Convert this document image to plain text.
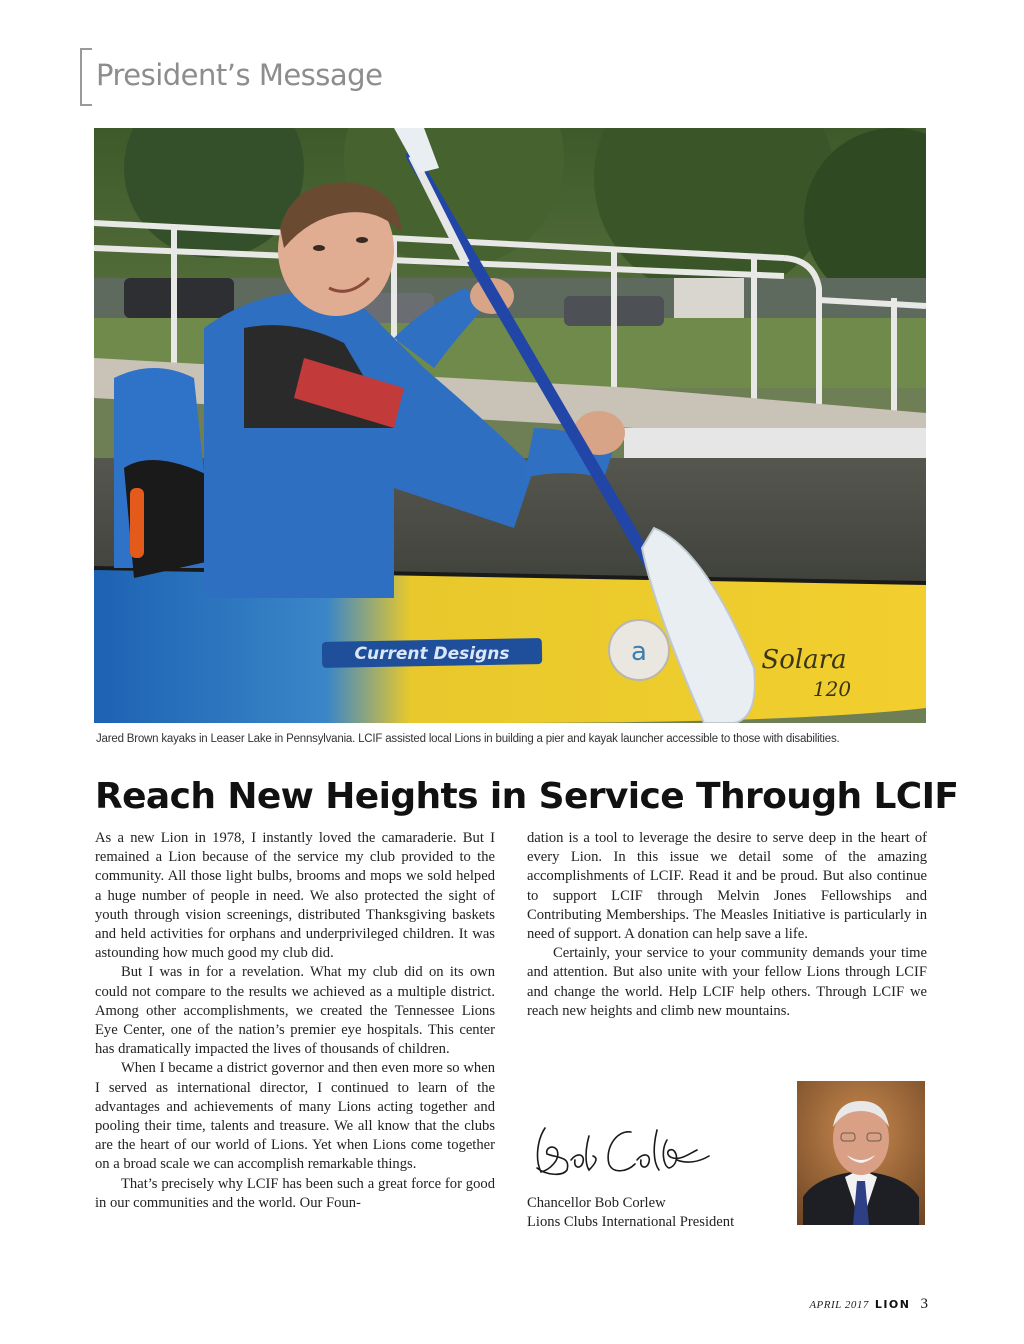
President’s Message
Current Designs	a	Solara
120
Jared Brown kayaks in Leaser Lake in Pennsylvania. LCIF assisted local Lions in building a pier and kayak launcher accessible to those with disabilities.
Reach New Heights in Service Through LCIF

As a new Lion in 1978, I instantly loved the camaraderie. But I remained a Lion because of the service my club provided to the community. All those light bulbs, brooms and mops we sold helped a huge number of people in need. We also protected the sight of youth through vision screenings, distributed Thanksgiving baskets and held activities for orphans and underprivileged children. It was astounding how much good my club did.

But I was in for a revelation. What my club did on its own could not compare to the results we achieved as a multiple district. Among other accomplishments, we created the Tennessee Lions Eye Center, one of the nation’s premier eye hospitals. This center has dramatically impacted the lives of thousands of children.

When I became a district governor and then even more so when I served as international director, I continued to learn of the advantages and achievements of many Lions acting together and pooling their time, talents and treasure. We all know that the clubs are the heart of our world of Lions. Yet when Lions come together on a broad scale we can accomplish remarkable things.

That’s precisely why LCIF has been such a great force for good in our communities and the world. Our Foun-

dation is a tool to leverage the desire to serve deep in the heart of every Lion. In this issue we detail some of the amazing accomplishments of LCIF. Read it and be proud. But also continue to support LCIF through Melvin Jones Fellowships and Contributing Memberships. The Measles Initiative is particularly in need of support. A donation can help save a life.

Certainly, your service to your community demands your time and attention. But also unite with your fellow Lions through LCIF and change the world. Help LCIF help others. Through LCIF we reach new heights and climb new mountains.

Chancellor Bob Corlew
Lions Clubs International President
APRIL 2017 LION 3
